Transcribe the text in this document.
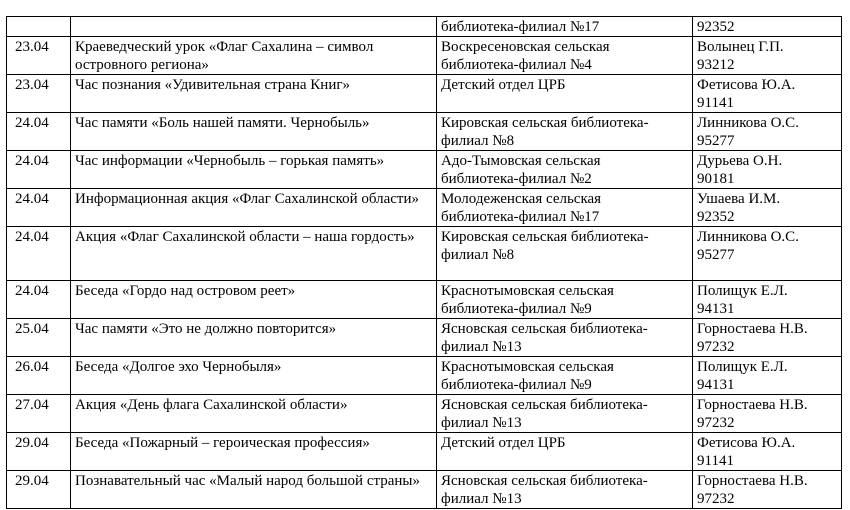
		библиотека-филиал №17	92352

23.04	Краеведческий урок «Флаг Сахалина – символ островного региона»	Воскресеновская сельская
библиотека-филиал №4	Волынец Г.П.
93212

23.04	Час познания «Удивительная страна Книг»	Детский отдел ЦРБ	Фетисова Ю.А.
91141

24.04	Час памяти «Боль нашей памяти. Чернобыль»	Кировская сельская библиотека-
филиал №8	Линникова О.С.
95277

24.04	Час информации «Чернобыль – горькая память»	Адо-Тымовская сельская
библиотека-филиал №2	Дурьева О.Н.
90181

24.04	Информационная акция «Флаг Сахалинской области»	Молодеженская сельская
библиотека-филиал №17	Ушаева И.М.
92352

24.04	Акция «Флаг Сахалинской области – наша гордость»	Кировская сельская библиотека-
филиал №8	Линникова О.С.
95277

24.04	Беседа «Гордо над островом реет»	Краснотымовская сельская
библиотека-филиал №9	Полищук Е.Л.
94131

25.04	Час памяти «Это не должно повторится»	Ясновская сельская библиотека-
филиал №13	Горностаева Н.В.
97232

26.04	Беседа «Долгое эхо Чернобыля»	Краснотымовская сельская
библиотека-филиал №9	Полищук Е.Л.
94131

27.04	Акция «День флага Сахалинской области»	Ясновская сельская библиотека-
филиал №13	Горностаева Н.В.
97232

29.04	Беседа «Пожарный – героическая профессия»	Детский отдел ЦРБ	Фетисова Ю.А.
91141

29.04	Познавательный час «Малый народ большой страны»	Ясновская сельская библиотека-
филиал №13	Горностаева Н.В.
97232
